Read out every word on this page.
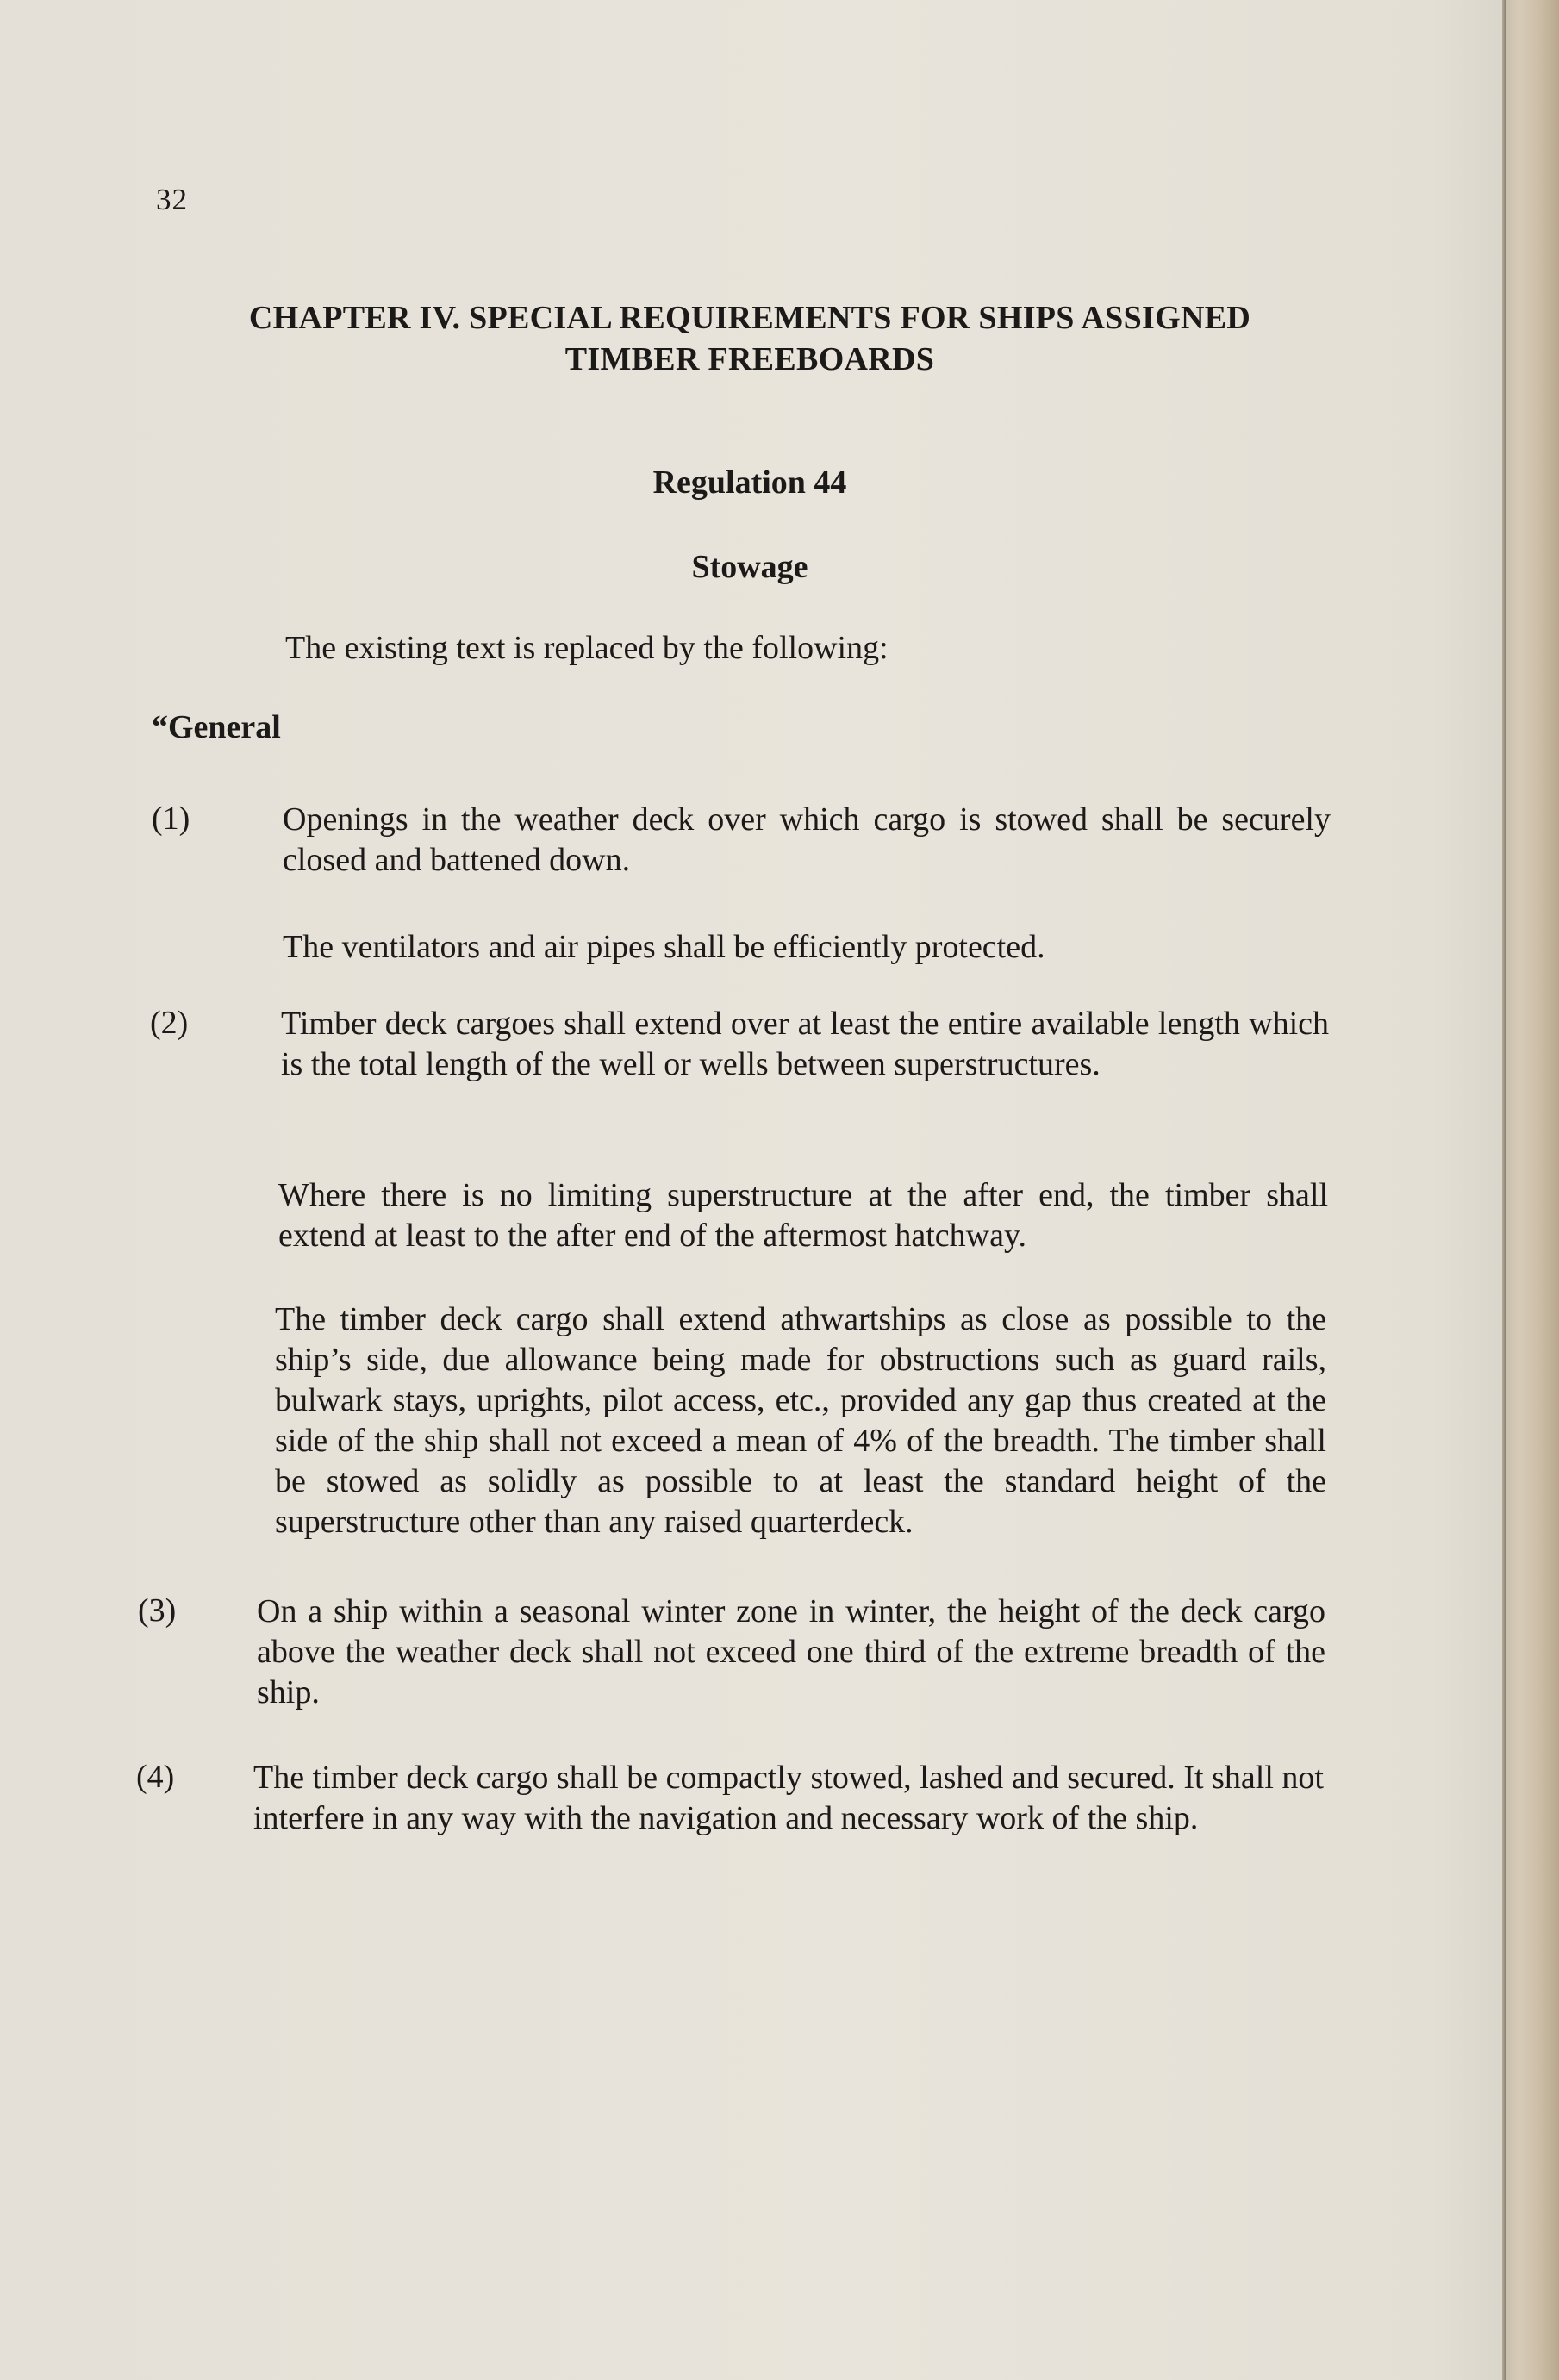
32
CHAPTER IV. SPECIAL REQUIREMENTS FOR SHIPS ASSIGNED
TIMBER FREEBOARDS
Regulation 44
Stowage
The existing text is replaced by the following:
“General
(1)	Openings in the weather deck over which cargo is stowed shall be securely closed and battened down.
The ventilators and air pipes shall be efficiently protected.
(2)	Timber deck cargoes shall extend over at least the entire available length which is the total length of the well or wells between superstructures.
Where there is no limiting superstructure at the after end, the timber shall extend at least to the after end of the aftermost hatchway.
The timber deck cargo shall extend athwartships as close as possible to the ship’s side, due allowance being made for obstructions such as guard rails, bulwark stays, uprights, pilot access, etc., provided any gap thus created at the side of the ship shall not exceed a mean of 4% of the breadth. The timber shall be stowed as solidly as possible to at least the standard height of the superstructure other than any raised quarterdeck.
(3) On a ship within a seasonal winter zone in winter, the height of the deck cargo above the weather deck shall not exceed one third of the extreme breadth of the ship.
(4) The timber deck cargo shall be compactly stowed, lashed and secured. It shall not interfere in any way with the navigation and necessary work of the ship.
